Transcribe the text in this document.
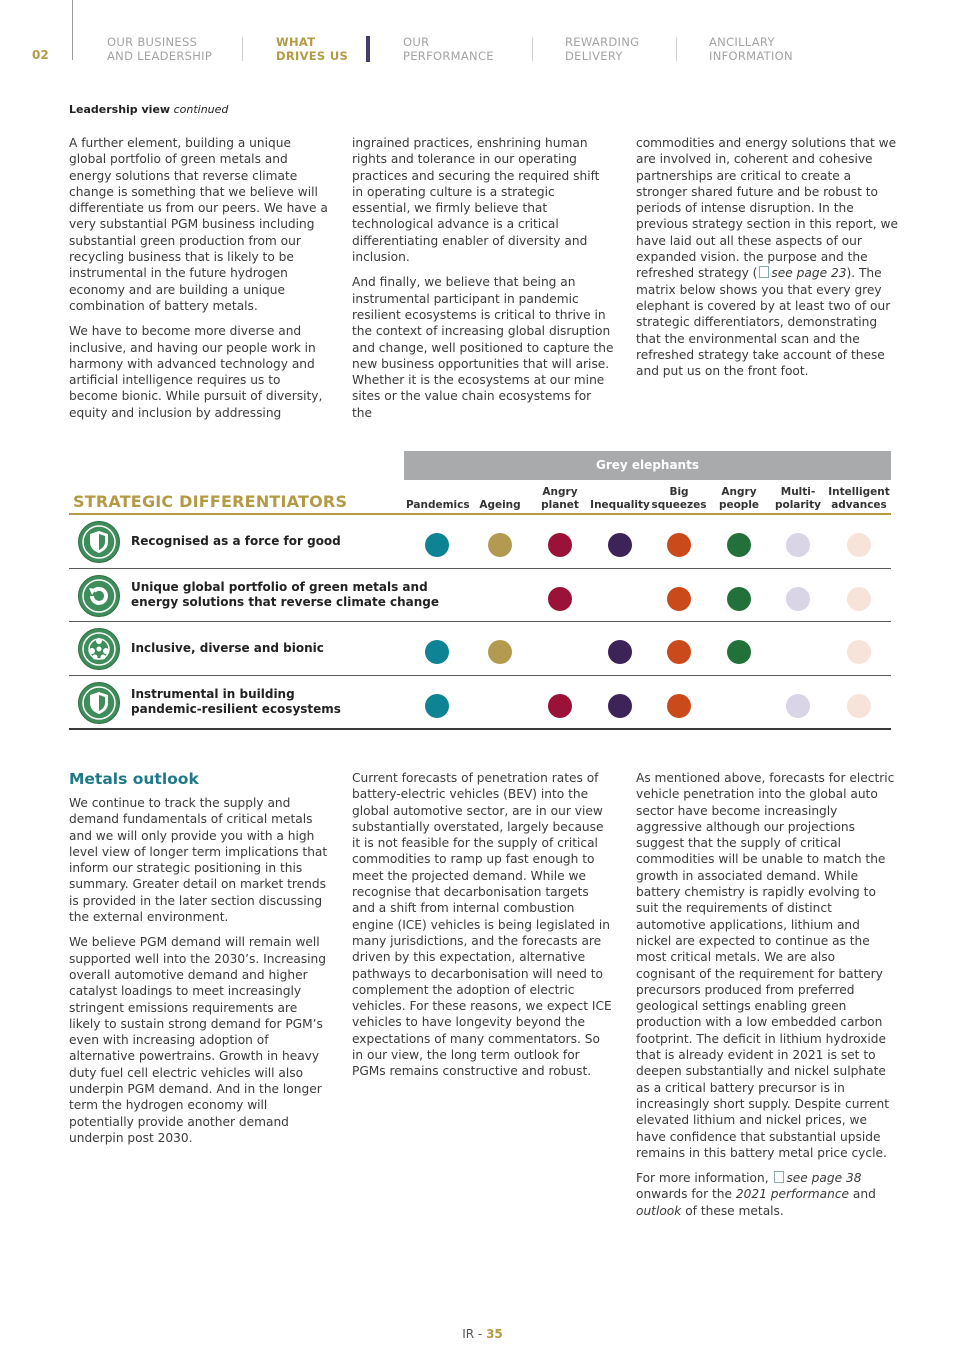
02
OUR BUSINESS
AND LEADERSHIP
WHAT
DRIVES US
OUR
PERFORMANCE
REWARDING
DELIVERY
ANCILLARY
INFORMATION
Leadership view continued

A further element, building a unique global portfolio of green metals and energy solutions that reverse climate change is something that we believe will differentiate us from our peers. We have a very substantial PGM business including substantial green production from our recycling business that is likely to be instrumental in the future hydrogen economy and are building a unique combination of battery metals.

We have to become more diverse and inclusive, and having our people work in harmony with advanced technology and artificial intelligence requires us to become bionic. While pursuit of diversity, equity and inclusion by addressing

ingrained practices, enshrining human rights and tolerance in our operating practices and securing the required shift in operating culture is a strategic essential, we firmly believe that technological advance is a critical differentiating enabler of diversity and inclusion.

And finally, we believe that being an instrumental participant in pandemic resilient ecosystems is critical to thrive in the context of increasing global disruption and change, well positioned to capture the new business opportunities that will arise. Whether it is the ecosystems at our mine sites or the value chain ecosystems for the

commodities and energy solutions that we are involved in, coherent and cohesive partnerships are critical to create a stronger shared future and be robust to periods of intense disruption. In the previous strategy section in this report, we have laid out all these aspects of our expanded vision. the purpose and the refreshed strategy ( see page 23). The matrix below shows you that every grey elephant is covered by at least two of our strategic differentiators, demonstrating that the environmental scan and the refreshed strategy take account of these and put us on the front foot.

Grey elephants
STRATEGIC DIFFERENTIATORS	Pandemics Ageing
Angry
planet	Inequality
Big
squeezes
Angry
people
Multi-
polarity
Intelligent
advances
Recognised as a force for good
Unique global portfolio of green metals and
energy solutions that reverse climate change
Inclusive, diverse and bionic
Instrumental in building
pandemic-resilient ecosystems
Metals outlook

We continue to track the supply and demand fundamentals of critical metals and we will only provide you with a high level view of longer term implications that inform our strategic positioning in this summary. Greater detail on market trends is provided in the later section discussing the external environment.

We believe PGM demand will remain well supported well into the 2030’s. Increasing overall automotive demand and higher catalyst loadings to meet increasingly stringent emissions requirements are likely to sustain strong demand for PGM’s even with increasing adoption of alternative powertrains. Growth in heavy duty fuel cell electric vehicles will also underpin PGM demand. And in the longer term the hydrogen economy will potentially provide another demand underpin post 2030.

Current forecasts of penetration rates of battery-electric vehicles (BEV) into the global automotive sector, are in our view substantially overstated, largely because it is not feasible for the supply of critical commodities to ramp up fast enough to meet the projected demand. While we recognise that decarbonisation targets and a shift from internal combustion engine (ICE) vehicles is being legislated in many jurisdictions, and the forecasts are driven by this expectation, alternative pathways to decarbonisation will need to complement the adoption of electric vehicles. For these reasons, we expect ICE vehicles to have longevity beyond the expectations of many commentators. So in our view, the long term outlook for PGMs remains constructive and robust.

As mentioned above, forecasts for electric vehicle penetration into the global auto sector have become increasingly aggressive although our projections suggest that the supply of critical commodities will be unable to match the growth in associated demand. While battery chemistry is rapidly evolving to suit the requirements of distinct automotive applications, lithium and nickel are expected to continue as the most critical metals. We are also cognisant of the requirement for battery precursors produced from preferred geological settings enabling green production with a low embedded carbon footprint. The deficit in lithium hydroxide that is already evident in 2021 is set to deepen substantially and nickel sulphate as a critical battery precursor is in increasingly short supply. Despite current elevated lithium and nickel prices, we have confidence that substantial upside remains in this battery metal price cycle.

For more information, see page 38 onwards for the 2021 performance and outlook of these metals.

IR - 35
